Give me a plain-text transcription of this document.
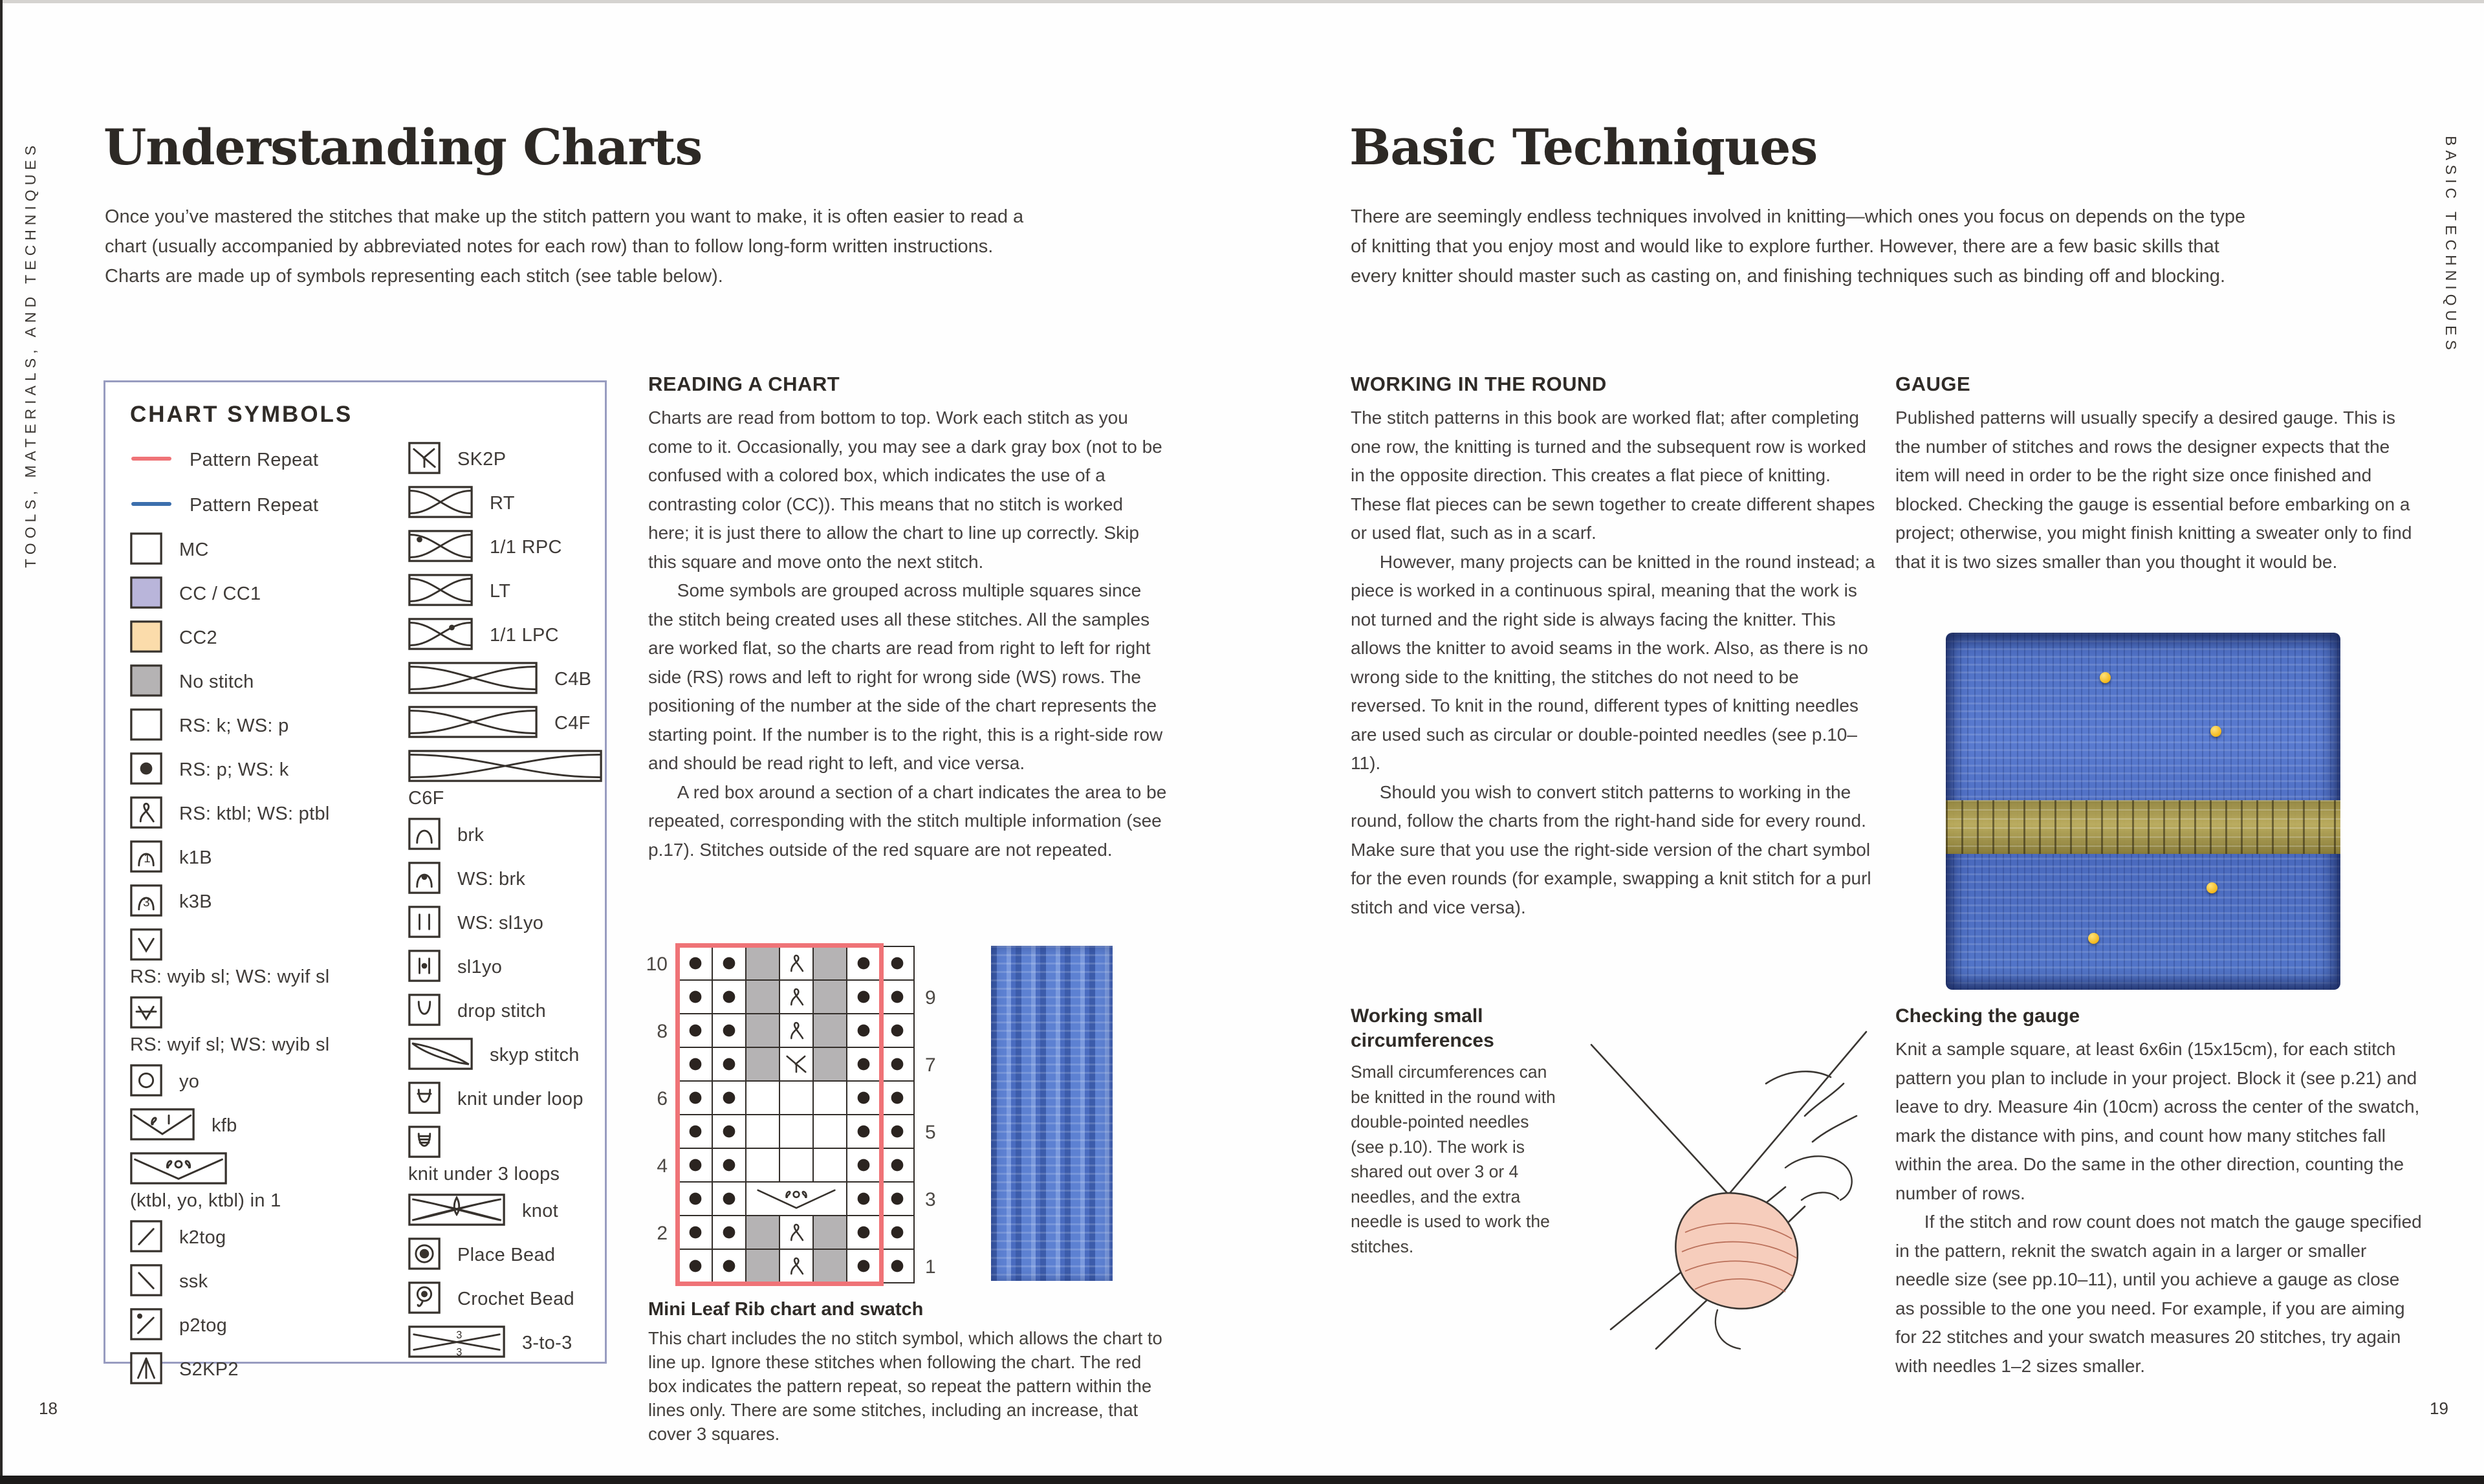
TOOLS, MATERIALS, AND TECHNIQUES Understanding Charts
Once you’ve mastered the stitches that make up the stitch pattern you want to make, it is often easier to read a chart (usually accompanied by abbreviated notes for each row) than to follow long-form written instructions. Charts are made up of symbols representing each stitch (see table below).
CHART SYMBOLS
Pattern Repeat
Pattern Repeat
MC
CC / CC1
CC2
No stitch
RS: k; WS: p
RS: p; WS: k
RS: ktbl; WS: ptbl
1 k1B
3 k3B
RS: wyib sl; WS: wyif sl
RS: wyif sl; WS: wyib sl
yo
kfb
(ktbl, yo, ktbl) in 1
k2tog
ssk
p2tog
S2KP2
SK2P
RT
1/1 RPC
LT
1/1 LPC
C4B
C4F
C6F
brk
WS: brk
WS: sl1yo
sl1yo
drop stitch
skyp stitch
knit under loop
knit under 3 loops
knot
Place Bead
Crochet Bead
3
3	3-to-3
READING A CHART

Charts are read from bottom to top. Work each stitch as you come to it. Occasionally, you may see a dark gray box (not to be confused with a colored box, which indicates the use of a contrasting color (CC)). This means that no stitch is worked here; it is just there to allow the chart to line up correctly. Skip this square and move onto the next stitch.

Some symbols are grouped across multiple squares since the stitch being created uses all these stitches. All the samples are worked flat, so the charts are read from right to left for right side (RS) rows and left to right for wrong side (WS) rows. The positioning of the number at the side of the chart represents the starting point. If the number is to the right, this is a right-side row and should be read right to left, and vice versa.

A red box around a section of a chart indicates the area to be repeated, corresponding with the stitch multiple information (see p.17). Stitches outside of the red square are not repeated.

10
8
6
4
2
9
7
5
3
1
Mini Leaf Rib chart and swatch
This chart includes the no stitch symbol, which allows the chart to line up. Ignore these stitches when following the chart. The red box indicates the pattern repeat, so repeat the pattern within the lines only. There are some stitches, including an increase, that cover 3 squares.
18
Basic Techniques
There are seemingly endless techniques involved in knitting—which ones you focus on depends on the type of knitting that you enjoy most and would like to explore further. However, there are a few basic skills that every knitter should master such as casting on, and finishing techniques such as binding off and blocking.
WORKING IN THE ROUND

The stitch patterns in this book are worked flat; after completing one row, the knitting is turned and the subsequent row is worked in the opposite direction. This creates a flat piece of knitting. These flat pieces can be sewn together to create different shapes or used flat, such as in a scarf.

However, many projects can be knitted in the round instead; a piece is worked in a continuous spiral, meaning that the work is not turned and the right side is always facing the knitter. This allows the knitter to avoid seams in the work. Also, as there is no wrong side to the knitting, the stitches do not need to be reversed. To knit in the round, different types of knitting needles are used such as circular or double-pointed needles (see p.10–11).

Should you wish to convert stitch patterns to working in the round, follow the charts from the right-hand side for every round. Make sure that you use the right-side version of the chart symbol for the even rounds (for example, swapping a knit stitch for a purl stitch and vice versa).

GAUGE

Published patterns will usually specify a desired gauge. This is the number of stitches and rows the designer expects that the item will need in order to be the right size once finished and blocked. Checking the gauge is essential before embarking on a project; otherwise, you might finish knitting a sweater only to find that it is two sizes smaller than you thought it would be.

Working small circumferences
Small circumferences can be knitted in the round with double-pointed needles (see p.10). The work is shared out over 3 or 4 needles, and the extra needle is used to work the stitches.
Checking the gauge

Knit a sample square, at least 6x6in (15x15cm), for each stitch pattern you plan to include in your project. Block it (see p.21) and leave to dry. Measure 4in (10cm) across the center of the swatch, mark the distance with pins, and count how many stitches fall within the area. Do the same in the other direction, counting the number of rows.

If the stitch and row count does not match the gauge specified in the pattern, reknit the swatch again in a larger or smaller needle size (see pp.10–11), until you achieve a gauge as close as possible to the one you need. For example, if you are aiming for 22 stitches and your swatch measures 20 stitches, try again with needles 1–2 sizes smaller.

BASIC TECHNIQUES
19
